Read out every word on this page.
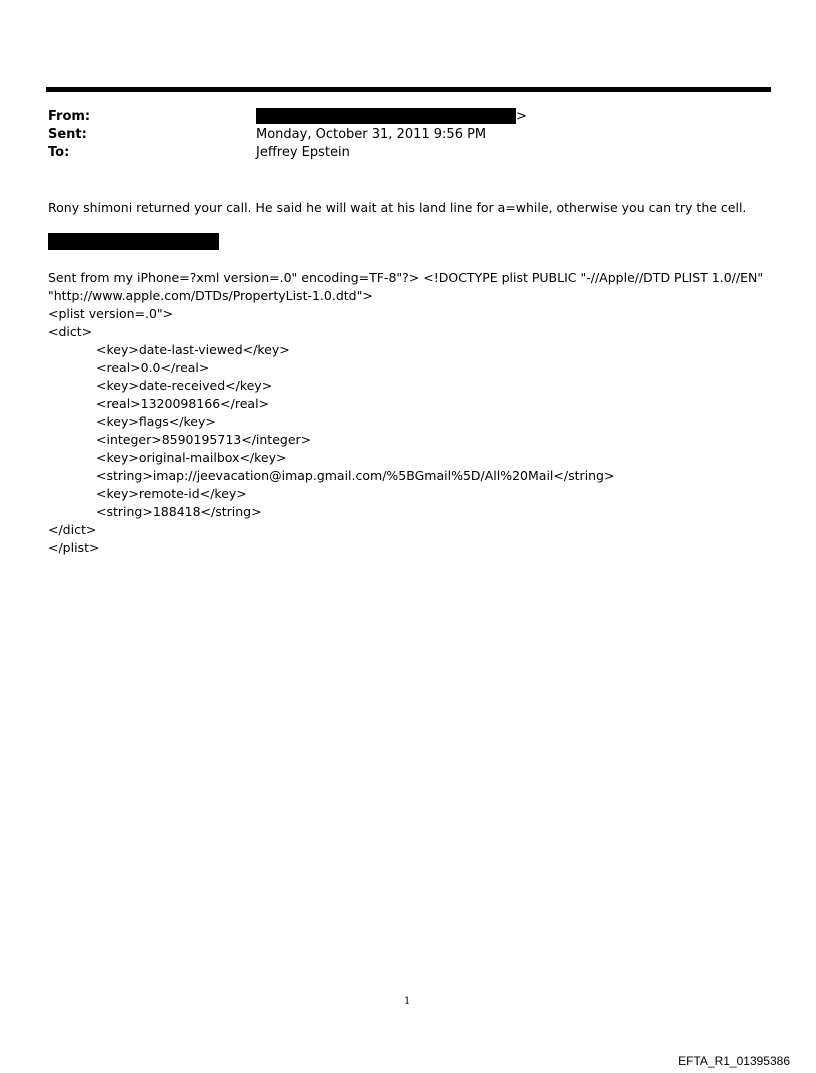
From:	>
Sent:	Monday, October 31, 2011 9:56 PM
To:	Jeffrey Epstein
Rony shimoni returned your call. He said he will wait at his land line for a=while, otherwise you can try the cell.
Sent from my iPhone=?xml version=.0" encoding=TF-8"?> <!DOCTYPE plist PUBLIC "-//Apple//DTD PLIST 1.0//EN"
"http://www.apple.com/DTDs/PropertyList-1.0.dtd">
<plist version=.0">
<dict>
<key>date-last-viewed</key>
<real>0.0</real>
<key>date-received</key>
<real>1320098166</real>
<key>flags</key>
<integer>8590195713</integer>
<key>original-mailbox</key>
<string>imap://jeevacation@imap.gmail.com/%5BGmail%5D/All%20Mail</string>
<key>remote-id</key>
<string>188418</string>
</dict>
</plist>
1
EFTA_R1_01395386
